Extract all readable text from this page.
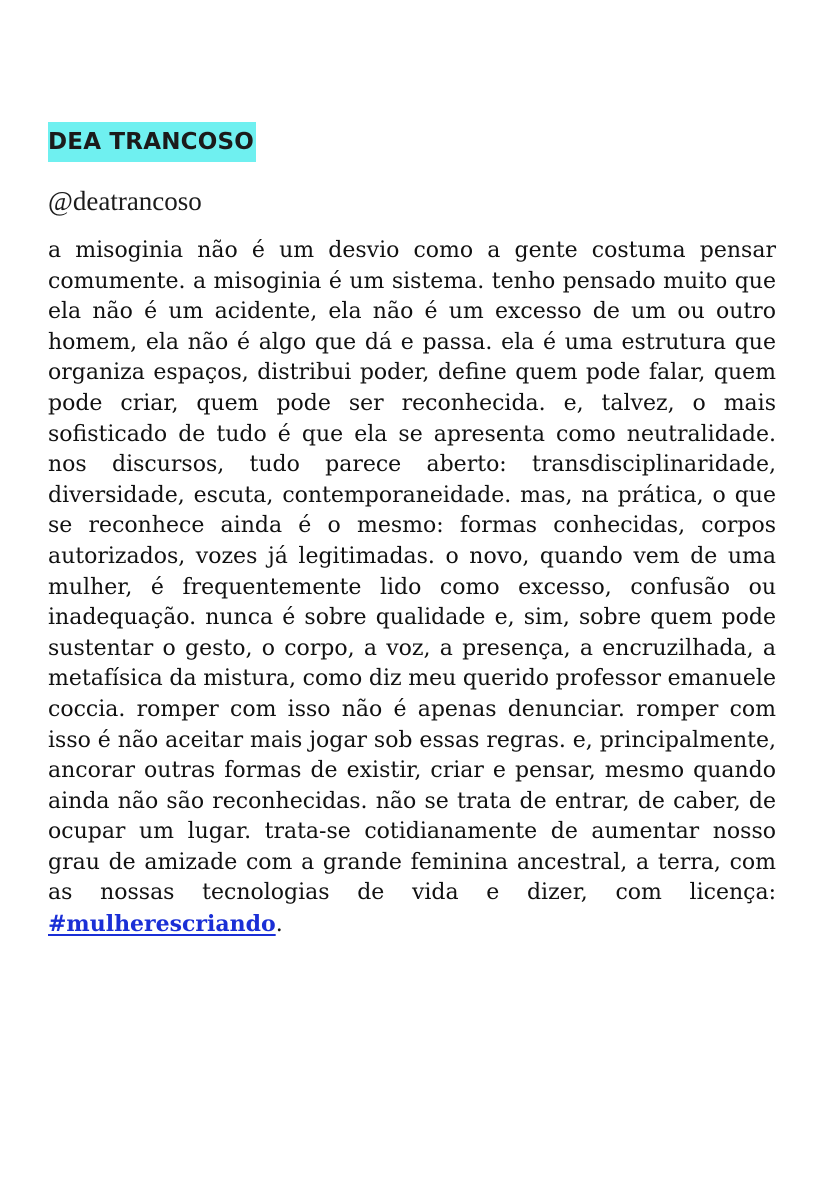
DEA TRANCOSO
@deatrancoso
a misoginia não é um desvio como a gente costuma pensar comumente. a misoginia é um sistema. tenho pensado muito que ela não é um acidente, ela não é um excesso de um ou outro homem, ela não é algo que dá e passa. ela é uma estrutura que organiza espaços, distribui poder, define quem pode falar, quem pode criar, quem pode ser reconhecida. e, talvez, o mais sofisticado de tudo é que ela se apresenta como neutralidade. nos discursos, tudo parece aberto: transdisciplinaridade, diversidade, escuta, contemporaneidade. mas, na prática, o que se reconhece ainda é o mesmo: formas conhecidas, corpos autorizados, vozes já legitimadas. o novo, quando vem de uma mulher, é frequentemente lido como excesso, confusão ou inadequação. nunca é sobre qualidade e, sim, sobre quem pode sustentar o gesto, o corpo, a voz, a presença, a encruzilhada, a metafísica da mistura, como diz meu querido professor emanuele coccia. romper com isso não é apenas denunciar. romper com isso é não aceitar mais jogar sob essas regras. e, principalmente, ancorar outras formas de existir, criar e pensar, mesmo quando ainda não são reconhecidas. não se trata de entrar, de caber, de ocupar um lugar. trata-se cotidianamente de aumentar nosso grau de amizade com a grande feminina ancestral, a terra, com as nossas tecnologias de vida e dizer, com licença: #mulherescriando.
